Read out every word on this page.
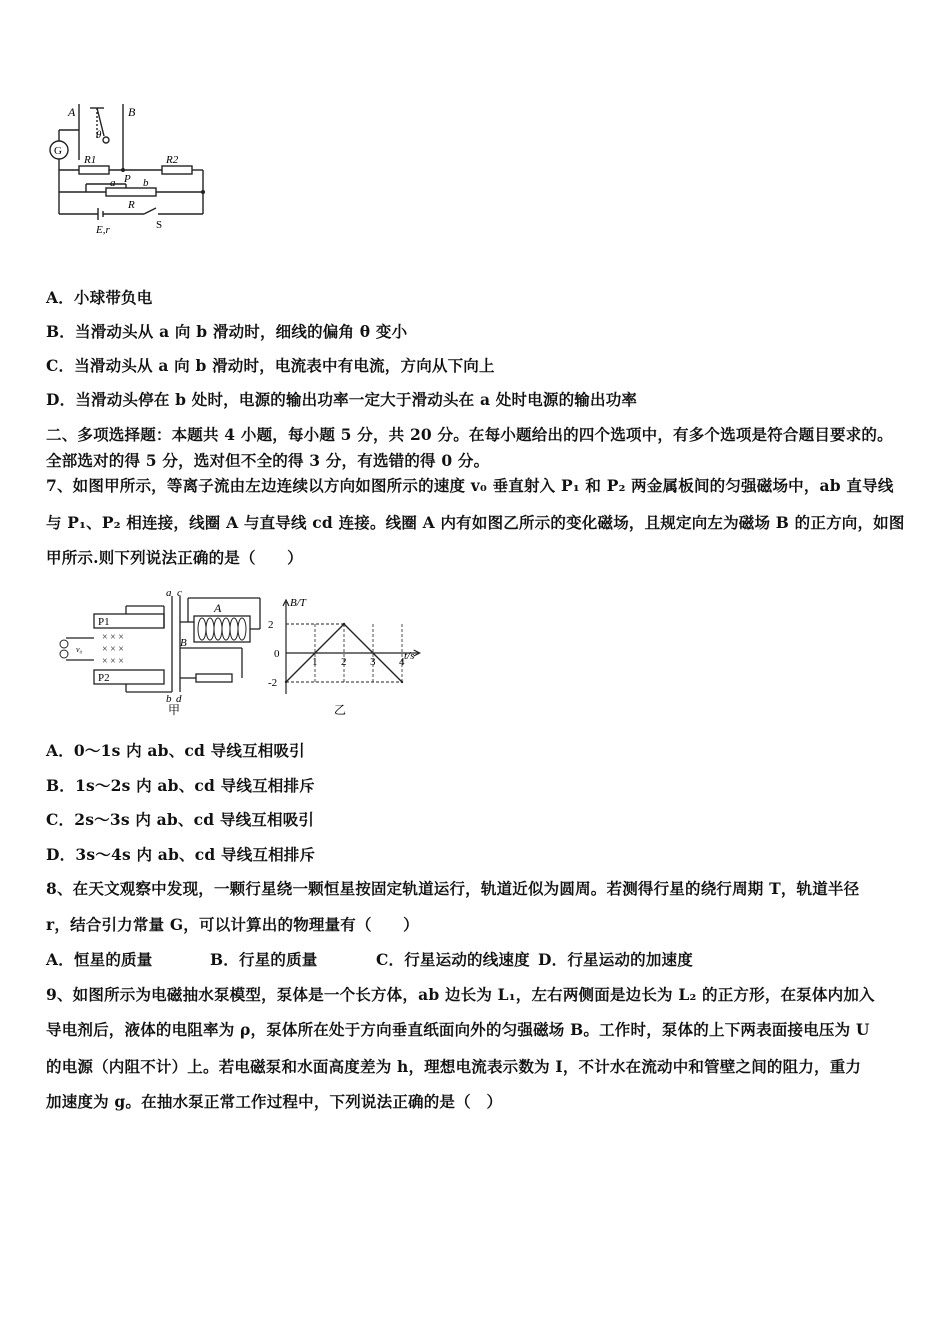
A	B
θ
G
R1	R2
a P b
R
E,r	S
A．小球带负电
B．当滑动头从 a 向 b 滑动时，细线的偏角 θ 变小
C．当滑动头从 a 向 b 滑动时，电流表中有电流，方向从下向上
D．当滑动头停在 b 处时，电源的输出功率一定大于滑动头在 a 处时电源的输出功率
二、多项选择题：本题共 4 小题，每小题 5 分，共 20 分。在每小题给出的四个选项中，有多个选项是符合题目要求的。
全部选对的得 5 分，选对但不全的得 3 分，有选错的得 0 分。
7、如图甲所示，等离子流由左边连续以方向如图所示的速度 v₀ 垂直射入 P₁ 和 P₂ 两金属板间的匀强磁场中，ab 直导线
与 P₁、P₂ 相连接，线圈 A 与直导线 cd 连接。线圈 A 内有如图乙所示的变化磁场，且规定向左为磁场 B 的正方向，如图
甲所示.则下列说法正确的是（　　）
× × ×
× × ×
× × ×
a c
P1
P2
A
B
v₀
b d
甲
1 2 3 4
2
-2
B/T
t/s
0
乙
A．0～1s 内 ab、cd 导线互相吸引
B．1s～2s 内 ab、cd 导线互相排斥
C．2s～3s 内 ab、cd 导线互相吸引
D．3s～4s 内 ab、cd 导线互相排斥
8、在天文观察中发现，一颗行星绕一颗恒星按固定轨道运行，轨道近似为圆周。若测得行星的绕行周期 T，轨道半径
r，结合引力常量 G，可以计算出的物理量有（　　）
A．恒星的质量	B．行星的质量	C．行星运动的线速度 D．行星运动的加速度
9、如图所示为电磁抽水泵模型，泵体是一个长方体，ab 边长为 L₁，左右两侧面是边长为 L₂ 的正方形，在泵体内加入
导电剂后，液体的电阻率为 ρ，泵体所在处于方向垂直纸面向外的匀强磁场 B。工作时，泵体的上下两表面接电压为 U
的电源（内阻不计）上。若电磁泵和水面高度差为 h，理想电流表示数为 I，不计水在流动中和管壁之间的阻力，重力
加速度为 g。在抽水泵正常工作过程中，下列说法正确的是（　）
